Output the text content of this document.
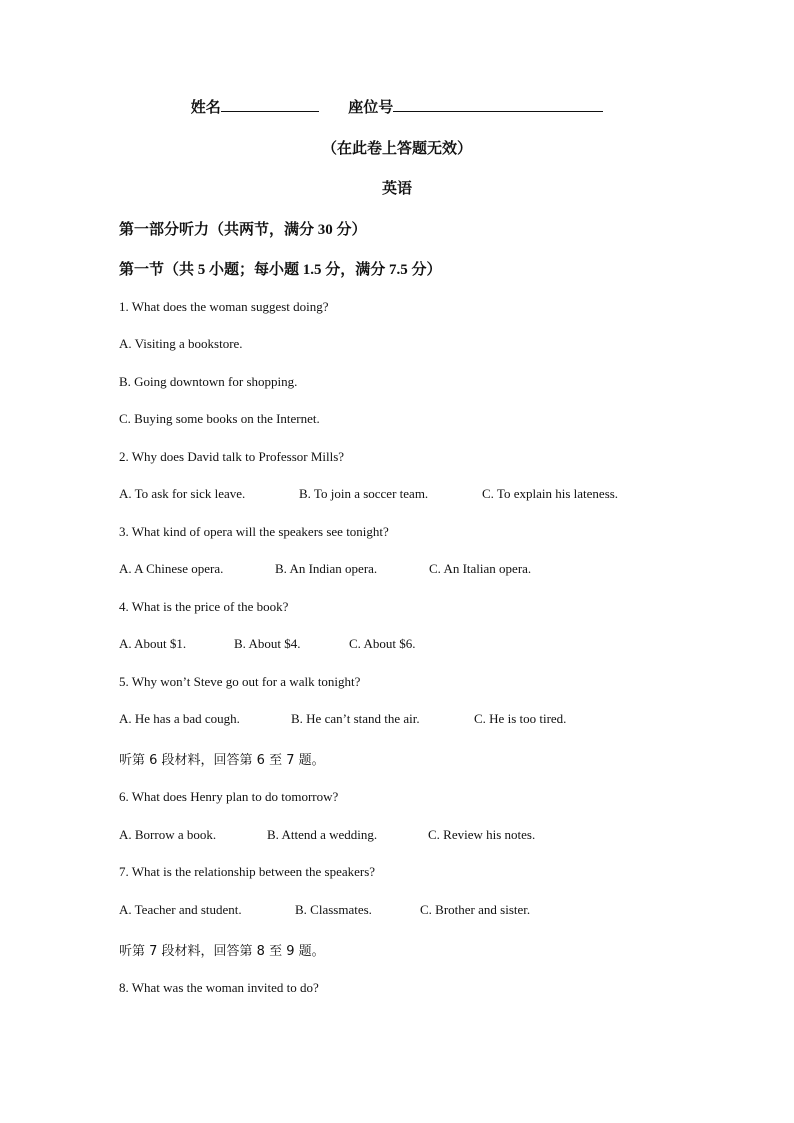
姓名	座位号
（在此卷上答题无效）
英语
第一部分听力（共两节，满分 30 分）
第一节（共 5 小题；每小题 1.5 分，满分 7.5 分）
1. What does the woman suggest doing?
A. Visiting a bookstore.
B. Going downtown for shopping.
C. Buying some books on the Internet.
2. Why does David talk to Professor Mills?
A. To ask for sick leave.	B. To join a soccer team.	C. To explain his lateness.
3. What kind of opera will the speakers see tonight?
A. A Chinese opera.	B. An Indian opera.	C. An Italian opera.
4. What is the price of the book?
A. About $1.	B. About $4.	C. About $6.
5. Why won’t Steve go out for a walk tonight?
A. He has a bad cough.	B. He can’t stand the air.	C. He is too tired.
听第 6 段材料，回答第 6 至 7 题。
6. What does Henry plan to do tomorrow?
A. Borrow a book.	B. Attend a wedding.	C. Review his notes.
7. What is the relationship between the speakers?
A. Teacher and student.	B. Classmates.	C. Brother and sister.
听第 7 段材料，回答第 8 至 9 题。
8. What was the woman invited to do?
